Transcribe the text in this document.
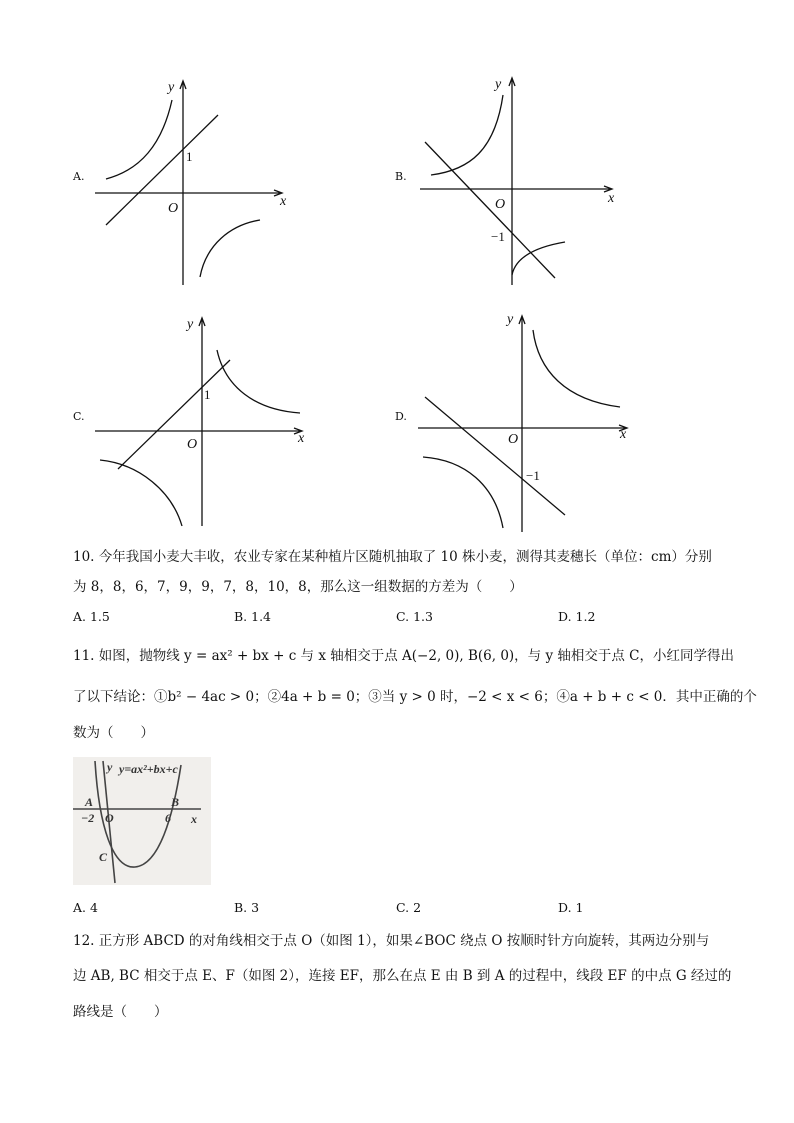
A.
x
y
O
1
B.
x
y
O
−1
C.
x
y
O
1
D.
x
y
O
−1
10. 今年我国小麦大丰收，农业专家在某种植片区随机抽取了 10 株小麦，测得其麦穗长（单位：cm）分别
为 8，8，6，7，9，9，7，8，10，8，那么这一组数据的方差为（　　）
A. 1.5	B. 1.4	C. 1.3	D. 1.2
11. 如图，抛物线 y = ax² + bx + c 与 x 轴相交于点 A(−2, 0), B(6, 0)，与 y 轴相交于点 C，小红同学得出
了以下结论：①b² − 4ac > 0；②4a + b = 0；③当 y > 0 时，−2 < x < 6；④a + b + c < 0．其中正确的个
数为（　　）
y=ax²+bx+c
y
x
A	B
C
O
−2	6
A. 4	B. 3	C. 2	D. 1
12. 正方形 ABCD 的对角线相交于点 O（如图 1），如果∠BOC 绕点 O 按顺时针方向旋转，其两边分别与
边 AB, BC 相交于点 E、F（如图 2），连接 EF，那么在点 E 由 B 到 A 的过程中，线段 EF 的中点 G 经过的
路线是（　　）
